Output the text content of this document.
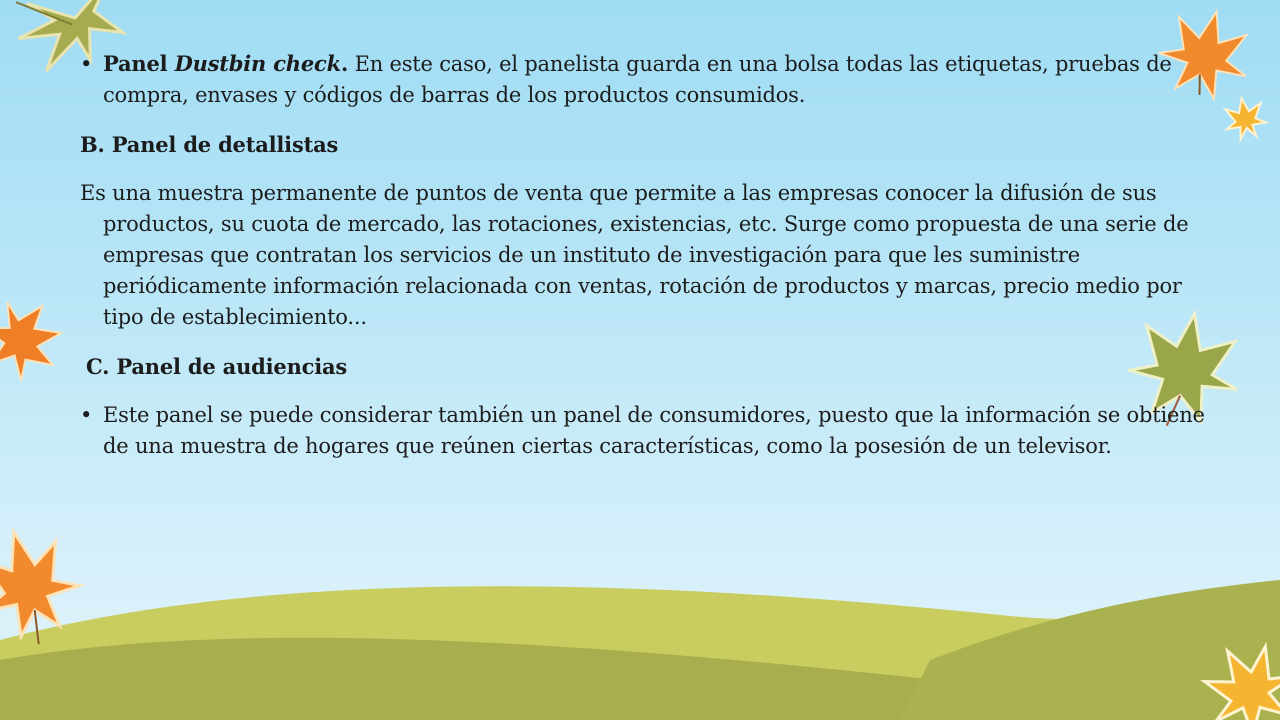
• Panel Dustbin check. En este caso, el panelista guarda en una bolsa todas las etiquetas, pruebas de compra, envases y códigos de barras de los productos consumidos.

B. Panel de detallistas

Es una muestra permanente de puntos de venta que permite a las empresas conocer la difusión de sus productos, su cuota de mercado, las rotaciones, existencias, etc. Surge como propuesta de una serie de empresas que contratan los servicios de un instituto de investigación para que les suministre periódicamente información relacionada con ventas, rotación de productos y marcas, precio medio por tipo de establecimiento...

C. Panel de audiencias

• Este panel se puede considerar también un panel de consumidores, puesto que la información se obtiene de una muestra de hogares que reúnen ciertas características, como la posesión de un televisor.
